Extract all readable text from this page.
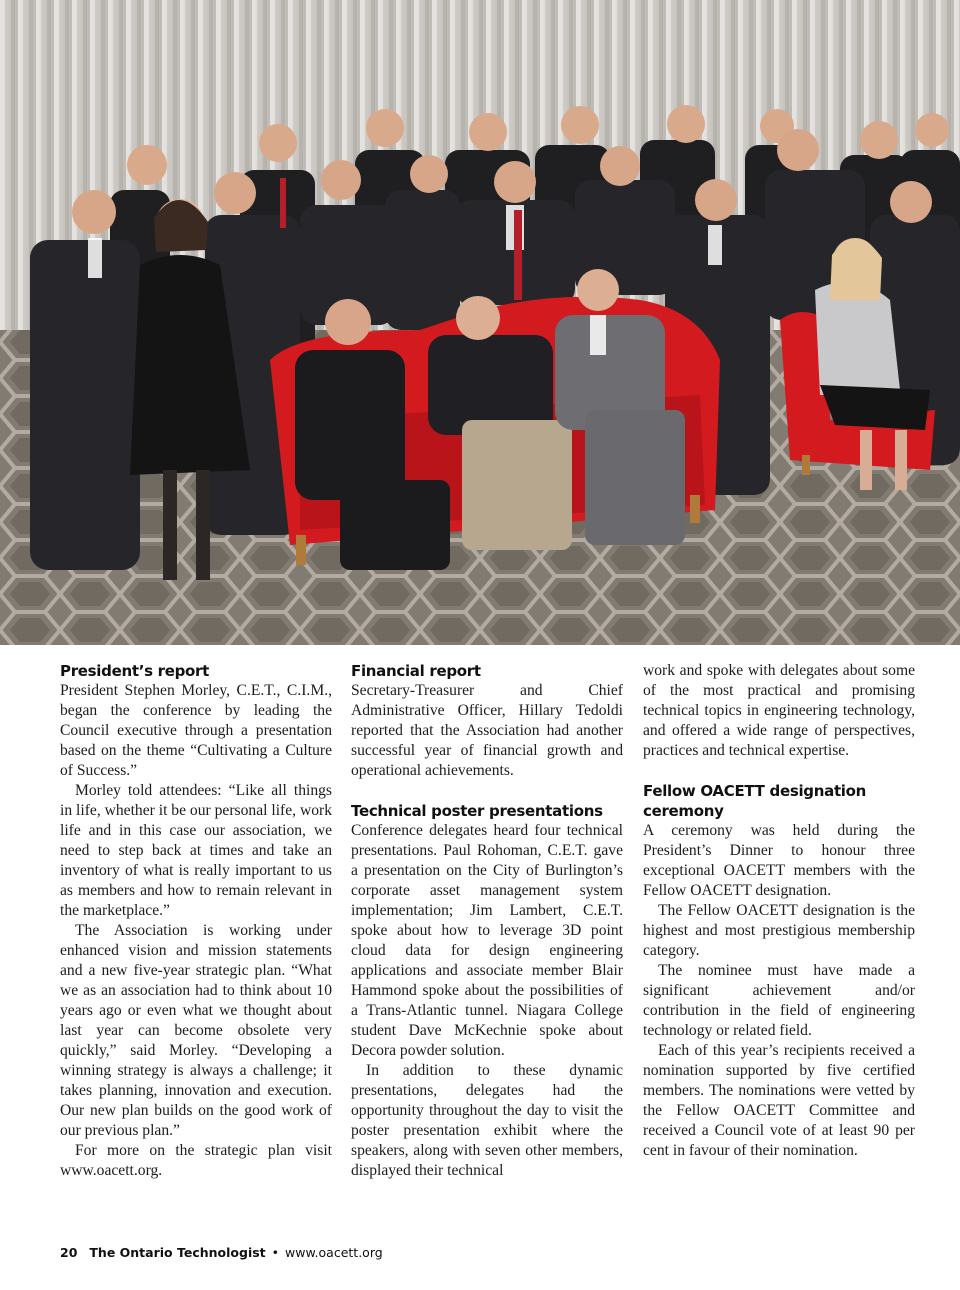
President’s report

President Stephen Morley, C.E.T., C.I.M., began the conference by leading the Council executive through a presentation based on the theme “Cultivating a Culture of Success.”

Morley told attendees: “Like all things in life, whether it be our personal life, work life and in this case our association, we need to step back at times and take an inventory of what is really important to us as members and how to remain relevant in the marketplace.”

The Association is working under enhanced vision and mission statements and a new five-year strategic plan. “What we as an association had to think about 10 years ago or even what we thought about last year can become obsolete very quickly,” said Morley. “Developing a winning strategy is always a challenge; it takes planning, innovation and execution. Our new plan builds on the good work of our previous plan.”

For more on the strategic plan visit www.oacett.org.

Financial report

Secretary-Treasurer and Chief Administrative Officer, Hillary Tedoldi reported that the Association had another successful year of financial growth and operational achievements.

Technical poster presentations

Conference delegates heard four technical presentations. Paul Rohoman, C.E.T. gave a presentation on the City of Burlington’s corporate asset management system implementation; Jim Lambert, C.E.T. spoke about how to leverage 3D point cloud data for design engineering applications and associate member Blair Hammond spoke about the possibilities of a Trans-Atlantic tunnel. Niagara College student Dave McKechnie spoke about Decora powder solution.

In addition to these dynamic presentations, delegates had the opportunity throughout the day to visit the poster presentation exhibit where the speakers, along with seven other members, displayed their technical

work and spoke with delegates about some of the most practical and promising technical topics in engineering technology, and offered a wide range of perspectives, practices and technical expertise.

Fellow OACETT designation ceremony

A ceremony was held during the President’s Dinner to honour three exceptional OACETT members with the Fellow OACETT designation.

The Fellow OACETT designation is the highest and most prestigious membership category.

The nominee must have made a significant achievement and/or contribution in the field of engineering technology or related field.

Each of this year’s recipients received a nomination supported by five certified members. The nominations were vetted by the Fellow OACETT Committee and received a Council vote of at least 90 per cent in favour of their nomination.

20 The Ontario Technologist • www.oacett.org
